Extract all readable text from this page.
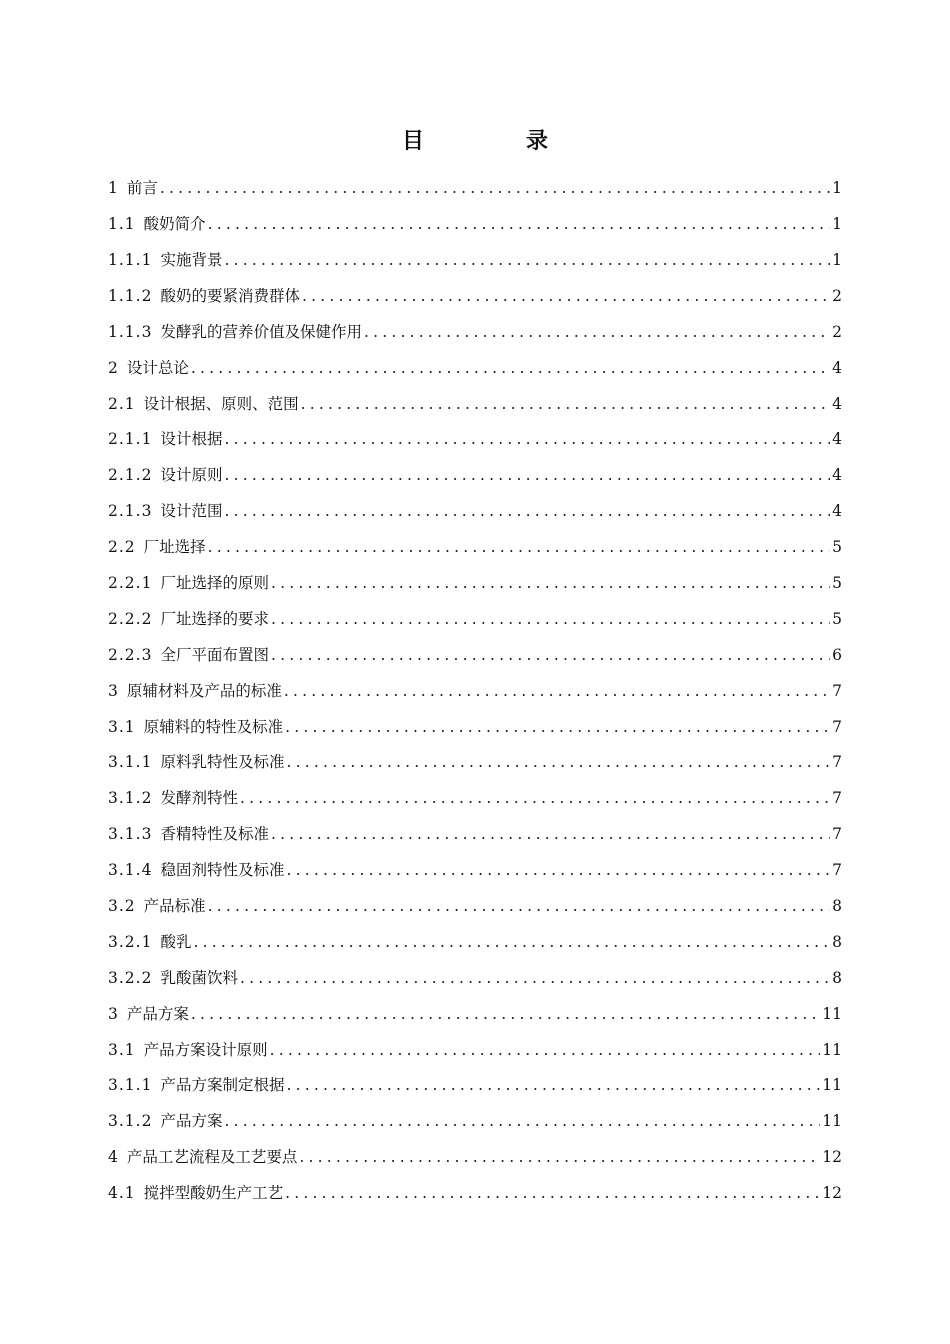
目　录
1 前言 .....	1
1.1 酸奶简介 .....	1
1.1.1 实施背景 .....	1
1.1.2 酸奶的要紧消费群体 .....	2
1.1.3 发酵乳的营养价值及保健作用 .....	2
2 设计总论 .....	4
2.1 设计根据、原则、范围 .....	4
2.1.1 设计根据 .....	4
2.1.2 设计原则 .....	4
2.1.3 设计范围 .....	4
2.2 厂址选择 .....	5
2.2.1 厂址选择的原则 .....	5
2.2.2 厂址选择的要求 .....	5
2.2.3 全厂平面布置图 .....	6
3 原辅材料及产品的标准 .....	7
3.1 原辅料的特性及标准 .....	7
3.1.1 原料乳特性及标准 .....	7
3.1.2 发酵剂特性 .....	7
3.1.3 香精特性及标准 .....	7
3.1.4 稳固剂特性及标准 .....	7
3.2 产品标准 .....	8
3.2.1 酸乳 .....	8
3.2.2 乳酸菌饮料 .....	8
3 产品方案 .....	11
3.1 产品方案设计原则 .....	11
3.1.1 产品方案制定根据 .....	11
3.1.2 产品方案 .....	11
4 产品工艺流程及工艺要点 .....	12
4.1 搅拌型酸奶生产工艺 .....	12
